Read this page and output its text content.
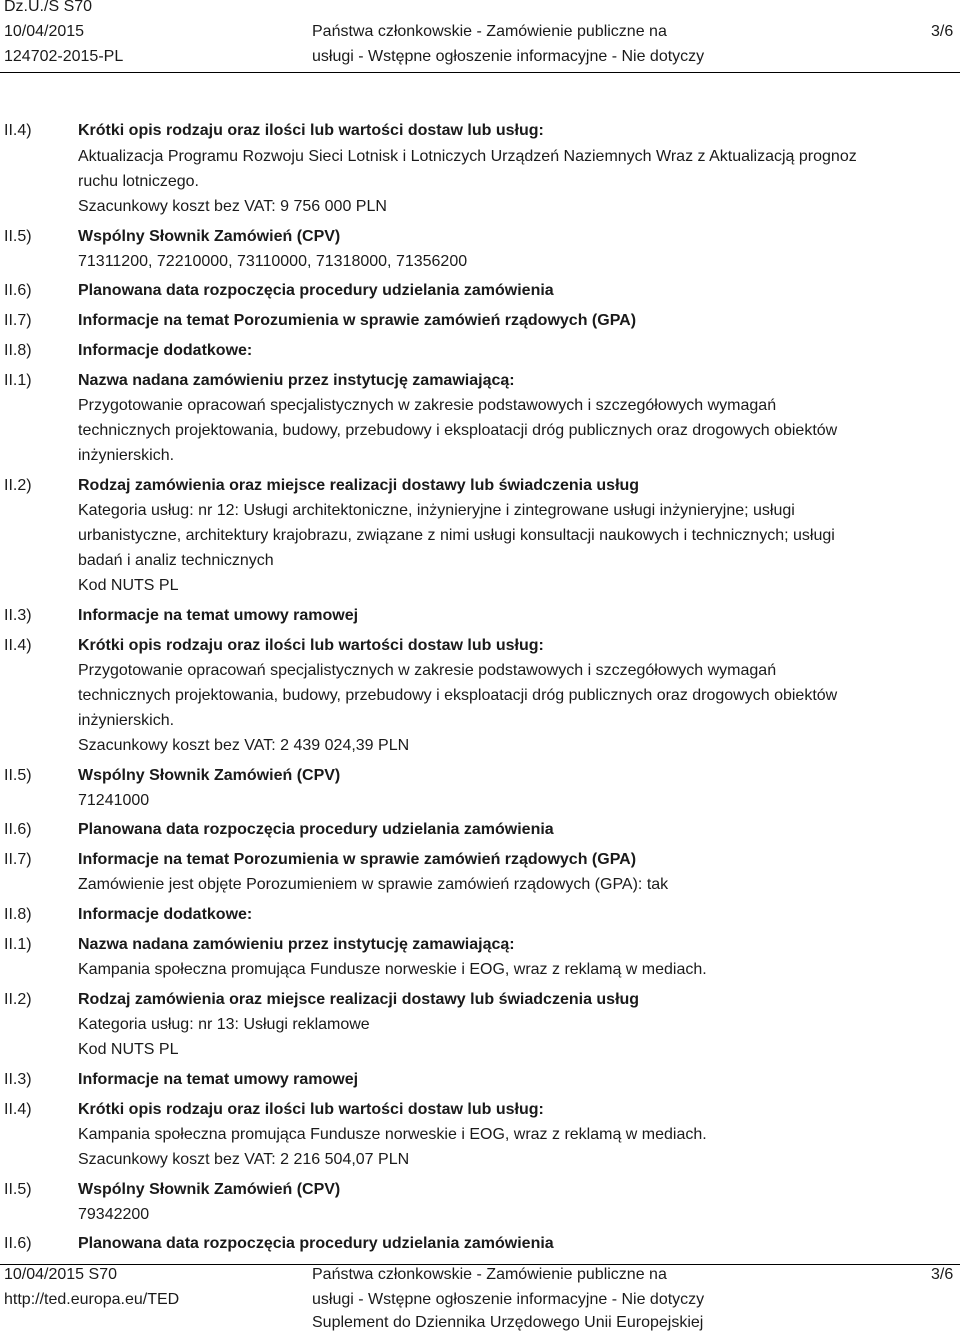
Dz.U./S S70
10/04/2015
124702-2015-PL
Państwa członkowskie - Zamówienie publiczne na
usługi - Wstępne ogłoszenie informacyjne - Nie dotyczy
3/6
II.4)	Krótki opis rodzaju oraz ilości lub wartości dostaw lub usług:
Aktualizacja Programu Rozwoju Sieci Lotnisk i Lotniczych Urządzeń Naziemnych Wraz z Aktualizacją prognoz
ruchu lotniczego.
Szacunkowy koszt bez VAT: 9 756 000 PLN
II.5)	Wspólny Słownik Zamówień (CPV)
71311200, 72210000, 73110000, 71318000, 71356200
II.6)	Planowana data rozpoczęcia procedury udzielania zamówienia
II.7)	Informacje na temat Porozumienia w sprawie zamówień rządowych (GPA)
II.8)	Informacje dodatkowe:
II.1)	Nazwa nadana zamówieniu przez instytucję zamawiającą:
Przygotowanie opracowań specjalistycznych w zakresie podstawowych i szczegółowych wymagań
technicznych projektowania, budowy, przebudowy i eksploatacji dróg publicznych oraz drogowych obiektów
inżynierskich.
II.2)	Rodzaj zamówienia oraz miejsce realizacji dostawy lub świadczenia usług
Kategoria usług: nr 12: Usługi architektoniczne, inżynieryjne i zintegrowane usługi inżynieryjne; usługi
urbanistyczne, architektury krajobrazu, związane z nimi usługi konsultacji naukowych i technicznych; usługi
badań i analiz technicznych
Kod NUTS PL
II.3)	Informacje na temat umowy ramowej
II.4)	Krótki opis rodzaju oraz ilości lub wartości dostaw lub usług:
Przygotowanie opracowań specjalistycznych w zakresie podstawowych i szczegółowych wymagań
technicznych projektowania, budowy, przebudowy i eksploatacji dróg publicznych oraz drogowych obiektów
inżynierskich.
Szacunkowy koszt bez VAT: 2 439 024,39 PLN
II.5)	Wspólny Słownik Zamówień (CPV)
71241000
II.6)	Planowana data rozpoczęcia procedury udzielania zamówienia
II.7)	Informacje na temat Porozumienia w sprawie zamówień rządowych (GPA)
Zamówienie jest objęte Porozumieniem w sprawie zamówień rządowych (GPA): tak
II.8)	Informacje dodatkowe:
II.1)	Nazwa nadana zamówieniu przez instytucję zamawiającą:
Kampania społeczna promująca Fundusze norweskie i EOG, wraz z reklamą w mediach.
II.2)	Rodzaj zamówienia oraz miejsce realizacji dostawy lub świadczenia usług
Kategoria usług: nr 13: Usługi reklamowe
Kod NUTS PL
II.3)	Informacje na temat umowy ramowej
II.4)	Krótki opis rodzaju oraz ilości lub wartości dostaw lub usług:
Kampania społeczna promująca Fundusze norweskie i EOG, wraz z reklamą w mediach.
Szacunkowy koszt bez VAT: 2 216 504,07 PLN
II.5)	Wspólny Słownik Zamówień (CPV)
79342200
II.6)	Planowana data rozpoczęcia procedury udzielania zamówienia
10/04/2015 S70
http://ted.europa.eu/TED
Państwa członkowskie - Zamówienie publiczne na
usługi - Wstępne ogłoszenie informacyjne - Nie dotyczy
Suplement do Dziennika Urzędowego Unii Europejskiej
3/6
